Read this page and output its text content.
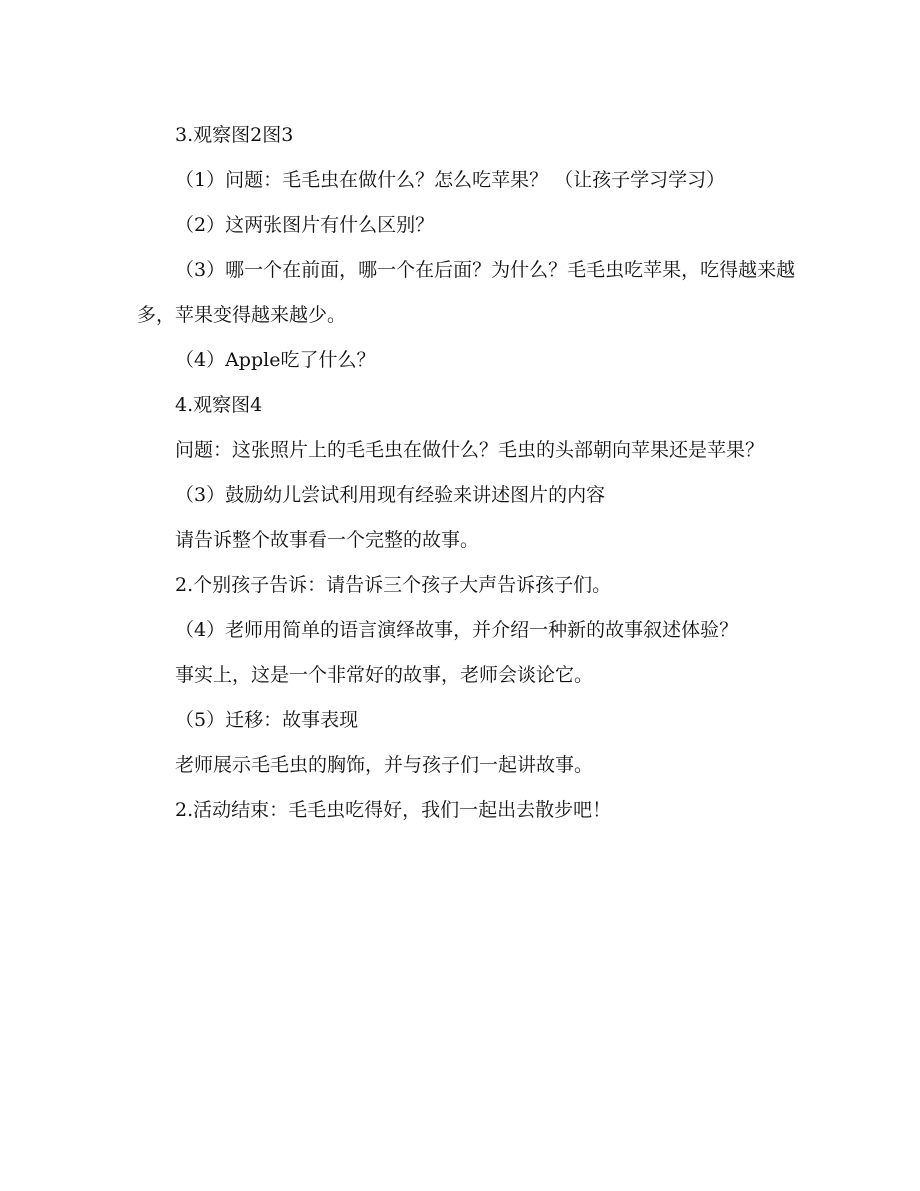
3.观察图2图3

（1）问题：毛毛虫在做什么？怎么吃苹果？ （让孩子学习学习）

（2）这两张图片有什么区别？

（3）哪一个在前面，哪一个在后面？为什么？毛毛虫吃苹果，吃得越来越多，苹果变得越来越少。

（4）Apple吃了什么？

4.观察图4

问题：这张照片上的毛毛虫在做什么？毛虫的头部朝向苹果还是苹果？

（3）鼓励幼儿尝试利用现有经验来讲述图片的内容

请告诉整个故事看一个完整的故事。

2.个别孩子告诉：请告诉三个孩子大声告诉孩子们。

（4）老师用简单的语言演绎故事，并介绍一种新的故事叙述体验？

事实上，这是一个非常好的故事，老师会谈论它。

（5）迁移：故事表现

老师展示毛毛虫的胸饰，并与孩子们一起讲故事。

2.活动结束：毛毛虫吃得好，我们一起出去散步吧！
